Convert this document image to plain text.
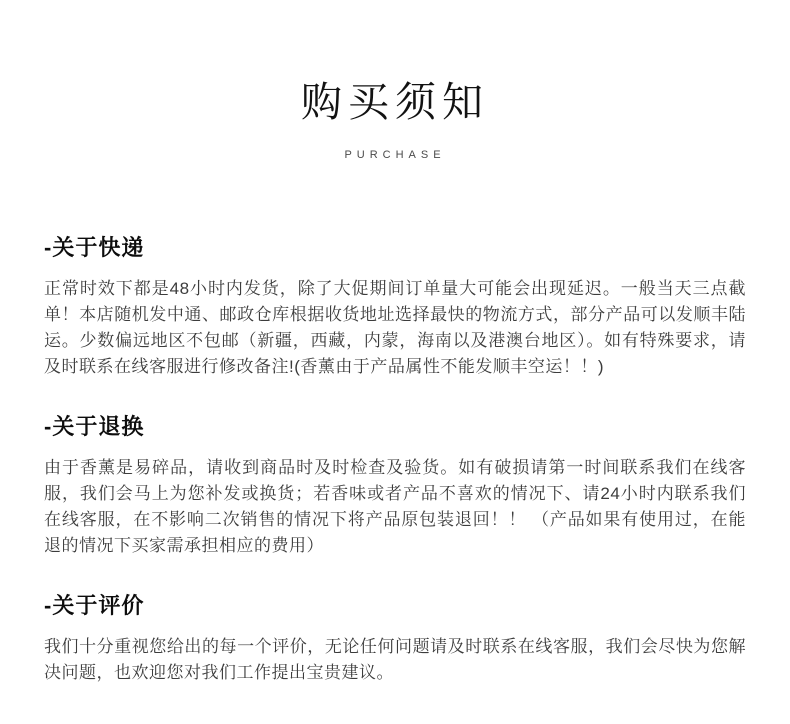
购买须知
PURCHASE
-关于快递

正常时效下都是48小时内发货，除了大促期间订单量大可能会出现延迟。一般当天三点截单！本店随机发中通、邮政仓库根据收货地址选择最快的物流方式，部分产品可以发顺丰陆运。少数偏远地区不包邮（新疆，西藏，内蒙，海南以及港澳台地区）。如有特殊要求，请及时联系在线客服进行修改备注!(香薰由于产品属性不能发顺丰空运！！)

-关于退换

由于香薰是易碎品，请收到商品时及时检查及验货。如有破损请第一时间联系我们在线客服，我们会马上为您补发或换货；若香味或者产品不喜欢的情况下、请24小时内联系我们在线客服，在不影响二次销售的情况下将产品原包装退回！！ （产品如果有使用过，在能退的情况下买家需承担相应的费用）

-关于评价

我们十分重视您给出的每一个评价，无论任何问题请及时联系在线客服，我们会尽快为您解决问题，也欢迎您对我们工作提出宝贵建议。
